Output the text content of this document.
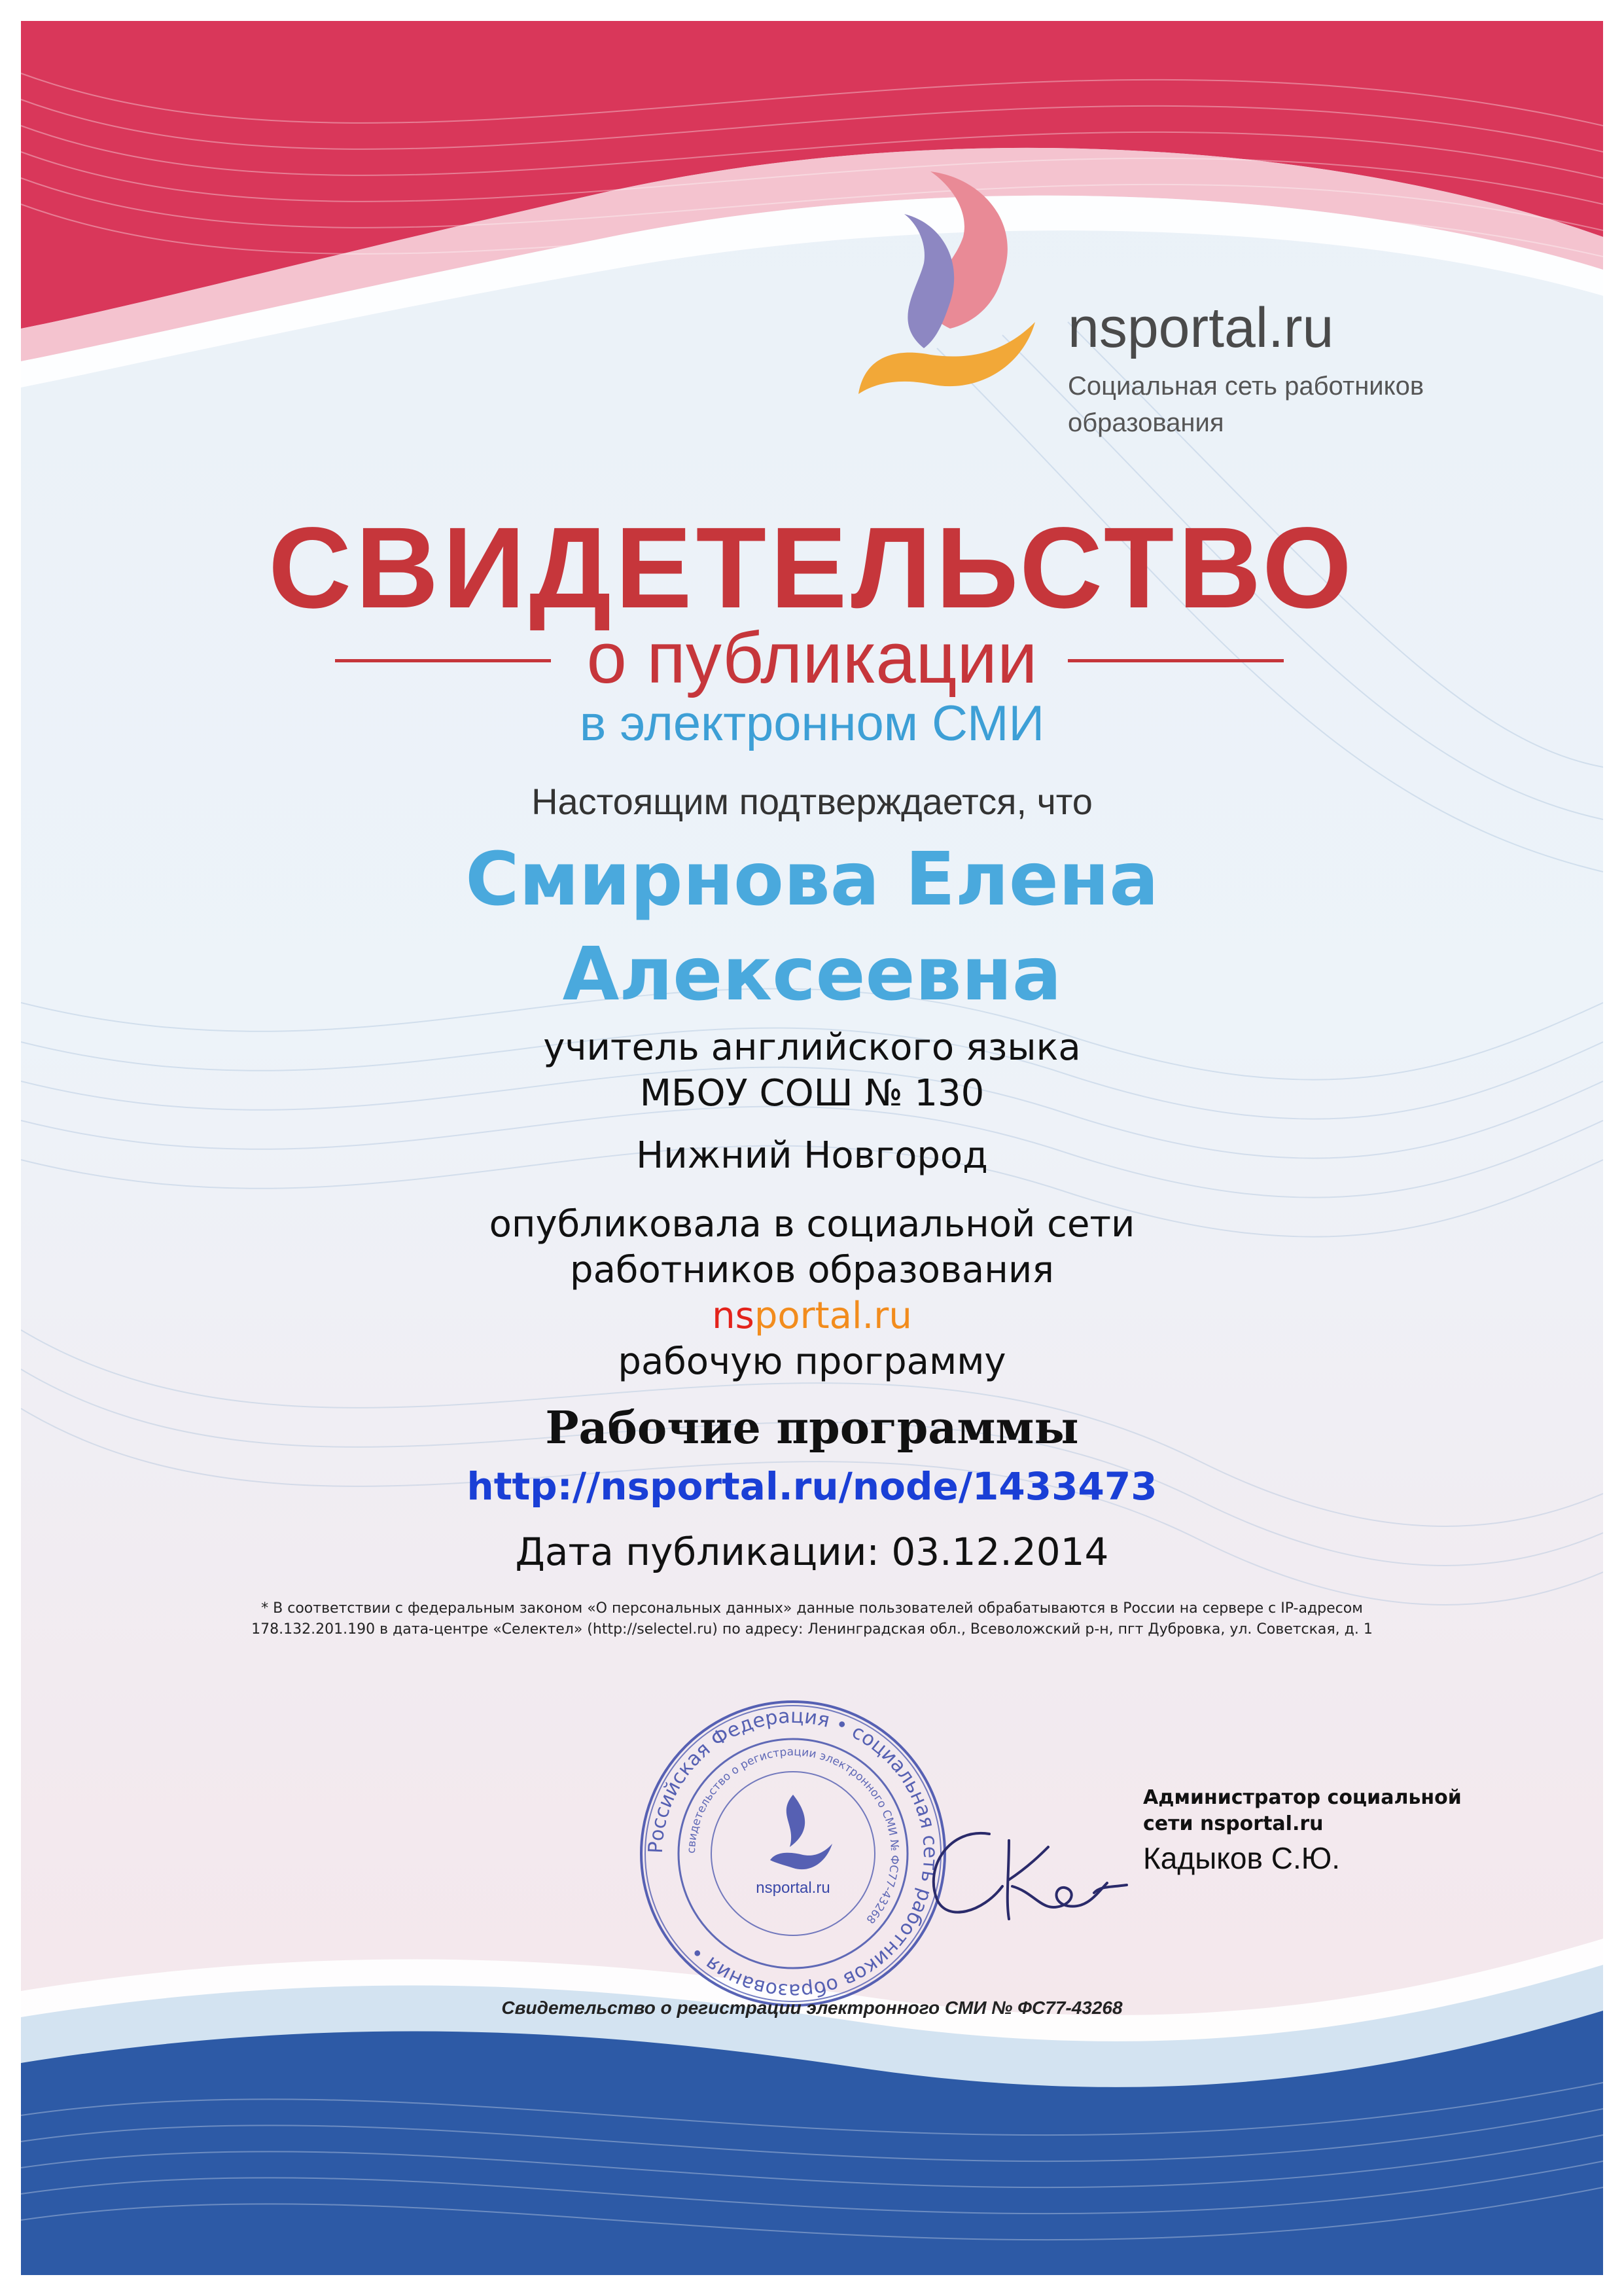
nsportal.ru
Социальная сеть работников образования
СВИДЕТЕЛЬСТВО
о публикации
в электронном СМИ
Настоящим подтверждается, что
Смирнова Елена
Алексеевна
учитель английского языка
МБОУ СОШ № 130
Нижний Новгород
опубликовала в социальной сети
работников образования
nsportal.ru
рабочую программу
Рабочие программы
http://nsportal.ru/node/1433473
Дата публикации: 03.12.2014
* В соответствии с федеральным законом «О персональных данных» данные пользователей обрабатываются в России на сервере с IP-адресом
178.132.201.190 в дата-центре «Селектел» (http://selectel.ru) по адресу: Ленинградская обл., Всеволожский р-н, пгт Дубровка, ул. Советская, д. 1
Российская Федерация • социальная сеть работников образования •
свидетельство о регистрации электронного СМИ № ФС77-43268
nsportal.ru
Администратор социальной
сети nsportal.ru
Кадыков С.Ю.
Свидетельство о регистрации электронного СМИ № ФС77-43268
